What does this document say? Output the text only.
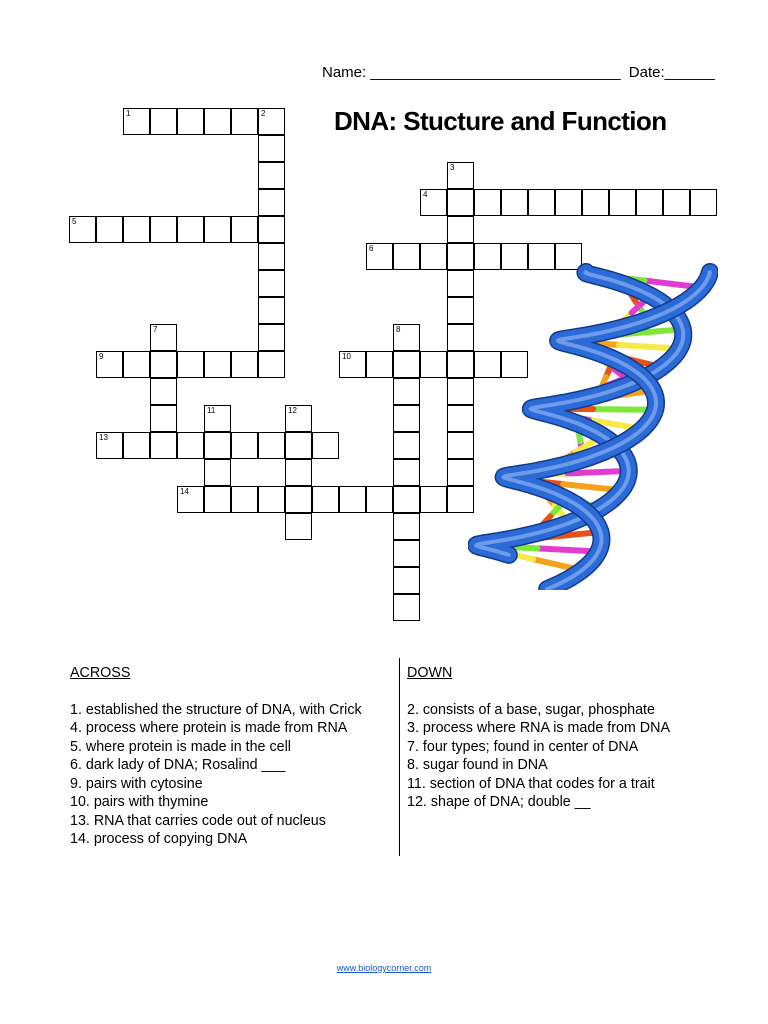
Name: ______________________________ Date:______
DNA: Stucture and Function
1	2
3
4
5
6
7	8
9	10
11	12
13
14
ACROSS
1. established the structure of DNA, with Crick
4. process where protein is made from RNA
5. where protein is made in the cell
6. dark lady of DNA; Rosalind ___
9. pairs with cytosine
10. pairs with thymine
13. RNA that carries code out of nucleus
14. process of copying DNA
DOWN
2. consists of a base, sugar, phosphate
3. process where RNA is made from DNA
7. four types; found in center of DNA
8. sugar found in DNA
11. section of DNA that codes for a trait
12. shape of DNA; double __
www.biologycorner.com
